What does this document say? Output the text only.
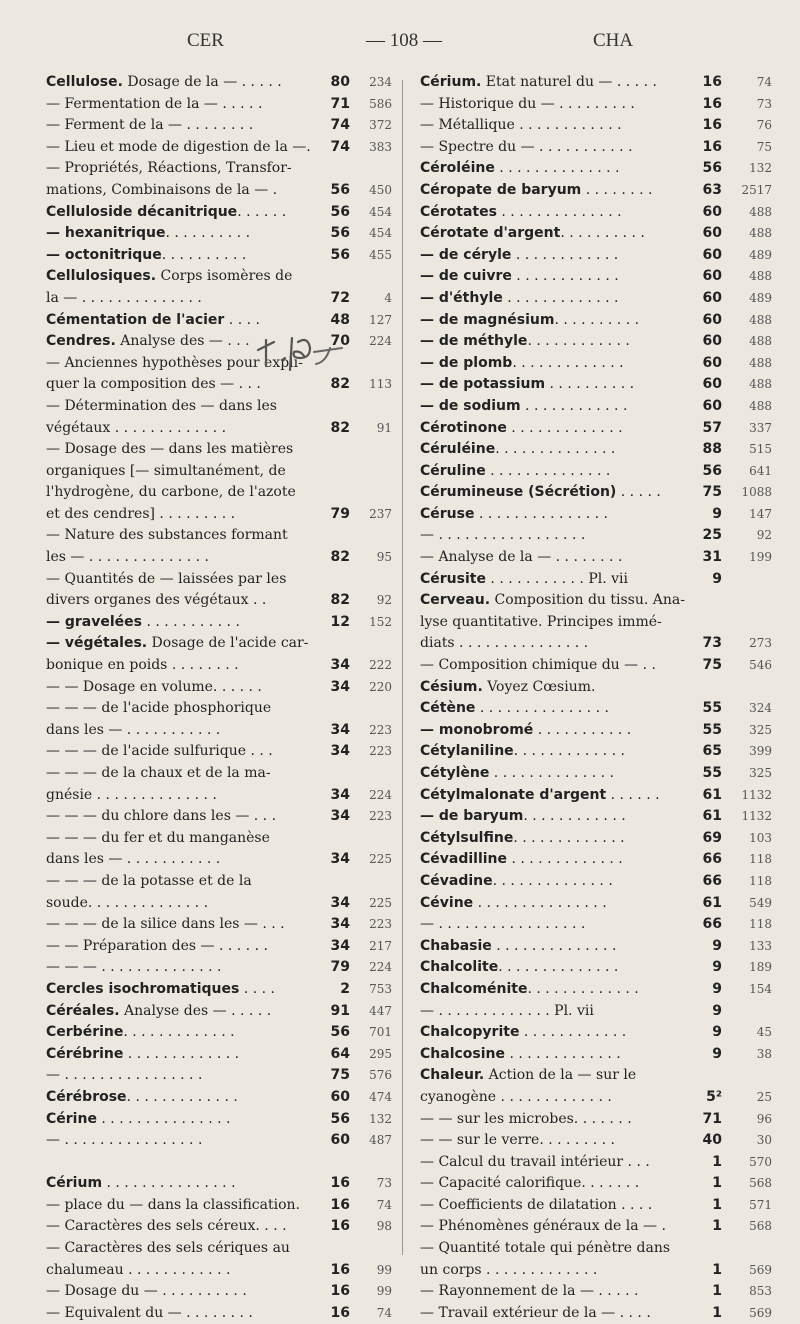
CER	— 108 —	CHA
Cellulose. Dosage de la — . . . . .	80	234
— Fermentation de la — . . . . .	71	586
— Ferment de la — . . . . . . . .	74	372
— Lieu et mode de digestion de la —.	74	383
— Propriétés, Réactions, Transfor-
mations, Combinaisons de la — .	56	450
Celluloside décanitrique. . . . . .	56	454
— hexanitrique. . . . . . . . . .	56	454
— octonitrique. . . . . . . . . .	56	455
Cellulosiques. Corps isomères de
la — . . . . . . . . . . . . . .	72	4
Cémentation de l'acier . . . .	48	127
Cendres. Analyse des — . . .	70	224
— Anciennes hypothèses pour expli-
quer la composition des — . . .	82	113
— Détermination des — dans les
végétaux . . . . . . . . . . . . .	82	91
— Dosage des — dans les matières
organiques [— simultanément, de
l'hydrogène, du carbone, de l'azote
et des cendres] . . . . . . . . .	79	237
— Nature des substances formant
les — . . . . . . . . . . . . . .	82	95
— Quantités de — laissées par les
divers organes des végétaux . .	82	92
— gravelées . . . . . . . . . . .	12	152
— végétales. Dosage de l'acide car-
bonique en poids . . . . . . . .	34	222
— — Dosage en volume. . . . . .	34	220
— — — de l'acide phosphorique
dans les — . . . . . . . . . . .	34	223
— — — de l'acide sulfurique . . .	34	223
— — — de la chaux et de la ma-
gnésie . . . . . . . . . . . . . .	34	224
— — — du chlore dans les — . . .	34	223
— — — du fer et du manganèse
dans les — . . . . . . . . . . .	34	225
— — — de la potasse et de la
soude. . . . . . . . . . . . . .	34	225
— — — de la silice dans les — . . .	34	223
— — Préparation des — . . . . . .	34	217
— — — . . . . . . . . . . . . . .	79	224
Cercles isochromatiques . . . .	2	753
Céréales. Analyse des — . . . . .	91	447
Cerbérine. . . . . . . . . . . . .	56	701
Cérébrine . . . . . . . . . . . . .	64	295
— . . . . . . . . . . . . . . . .	75	576
Cérébrose. . . . . . . . . . . . .	60	474
Cérine . . . . . . . . . . . . . . .	56	132
— . . . . . . . . . . . . . . . .	60	487
Cérium . . . . . . . . . . . . . . .	16	73
— place du — dans la classification.	16	74
— Caractères des sels céreux. . . .	16	98
— Caractères des sels cériques au
chalumeau . . . . . . . . . . . .	16	99
— Dosage du — . . . . . . . . . .	16	99
— Equivalent du — . . . . . . . .	16	74
Cérium. Etat naturel du — . . . . .	16	74
— Historique du — . . . . . . . . .	16	73
— Métallique . . . . . . . . . . . .	16	76
— Spectre du — . . . . . . . . . . .	16	75
Céroléine . . . . . . . . . . . . . .	56	132
Céropate de baryum . . . . . . . .	63	2517
Cérotates . . . . . . . . . . . . . .	60	488
Cérotate d'argent. . . . . . . . . .	60	488
— de céryle . . . . . . . . . . . .	60	489
— de cuivre . . . . . . . . . . . .	60	488
— d'éthyle . . . . . . . . . . . . .	60	489
— de magnésium. . . . . . . . . .	60	488
— de méthyle. . . . . . . . . . . .	60	488
— de plomb. . . . . . . . . . . . .	60	488
— de potassium . . . . . . . . . .	60	488
— de sodium . . . . . . . . . . . .	60	488
Cérotinone . . . . . . . . . . . . .	57	337
Céruléine. . . . . . . . . . . . . .	88	515
Céruline . . . . . . . . . . . . . .	56	641
Cérumineuse (Sécrétion) . . . . .	75	1088
Céruse . . . . . . . . . . . . . . .	9	147
— . . . . . . . . . . . . . . . . .	25	92
— Analyse de la — . . . . . . . .	31	199
Cérusite . . . . . . . . . . . Pl. vii	9
Cerveau. Composition du tissu. Ana-
lyse quantitative. Principes immé-
diats . . . . . . . . . . . . . . .	73	273
— Composition chimique du — . .	75	546
Césium. Voyez Cœsium.
Cétène . . . . . . . . . . . . . . .	55	324
— monobromé . . . . . . . . . . .	55	325
Cétylaniline. . . . . . . . . . . . .	65	399
Cétylène . . . . . . . . . . . . . .	55	325
Cétylmalonate d'argent . . . . . .	61	1132
— de baryum. . . . . . . . . . . .	61	1132
Cétylsulfine. . . . . . . . . . . . .	69	103
Cévadilline . . . . . . . . . . . . .	66	118
Cévadine. . . . . . . . . . . . . .	66	118
Cévine . . . . . . . . . . . . . . .	61	549
— . . . . . . . . . . . . . . . . .	66	118
Chabasie . . . . . . . . . . . . . .	9	133
Chalcolite. . . . . . . . . . . . . .	9	189
Chalcoménite. . . . . . . . . . . . .	9	154
— . . . . . . . . . . . . . Pl. vii	9
Chalcopyrite . . . . . . . . . . . .	9	45
Chalcosine . . . . . . . . . . . . .	9	38
Chaleur. Action de la — sur le
cyanogène . . . . . . . . . . . . .	5²	25
— — sur les microbes. . . . . . .	71	96
— — sur le verre. . . . . . . . .	40	30
— Calcul du travail intérieur . . .	1	570
— Capacité calorifique. . . . . . .	1	568
— Coefficients de dilatation . . . .	1	571
— Phénomènes généraux de la — .	1	568
— Quantité totale qui pénètre dans
un corps . . . . . . . . . . . . .	1	569
— Rayonnement de la — . . . . .	1	853
— Travail extérieur de la — . . . .	1	569
